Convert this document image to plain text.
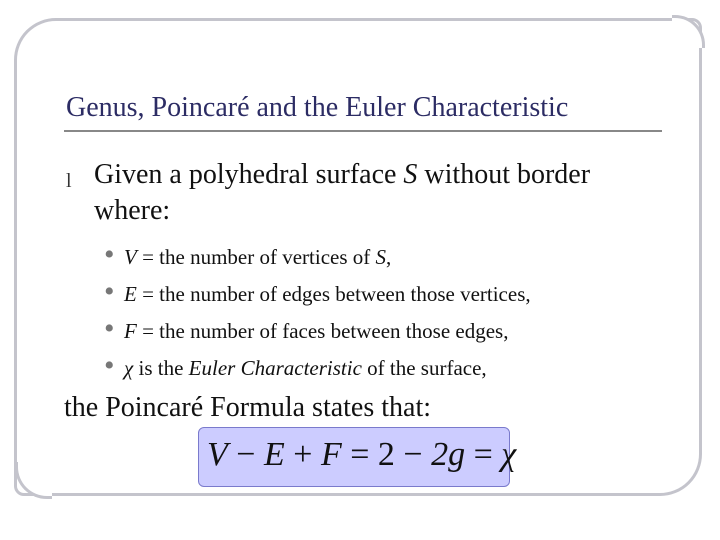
Genus, Poincaré and the Euler Characteristic
l Given a polyhedral surface S without border
where:
• V = the number of vertices of S,
• E = the number of edges between those vertices,
• F = the number of faces between those edges,
• χ is the Euler Characteristic of the surface,
the Poincaré Formula states that:
V − E + F = 2 − 2g = χ
